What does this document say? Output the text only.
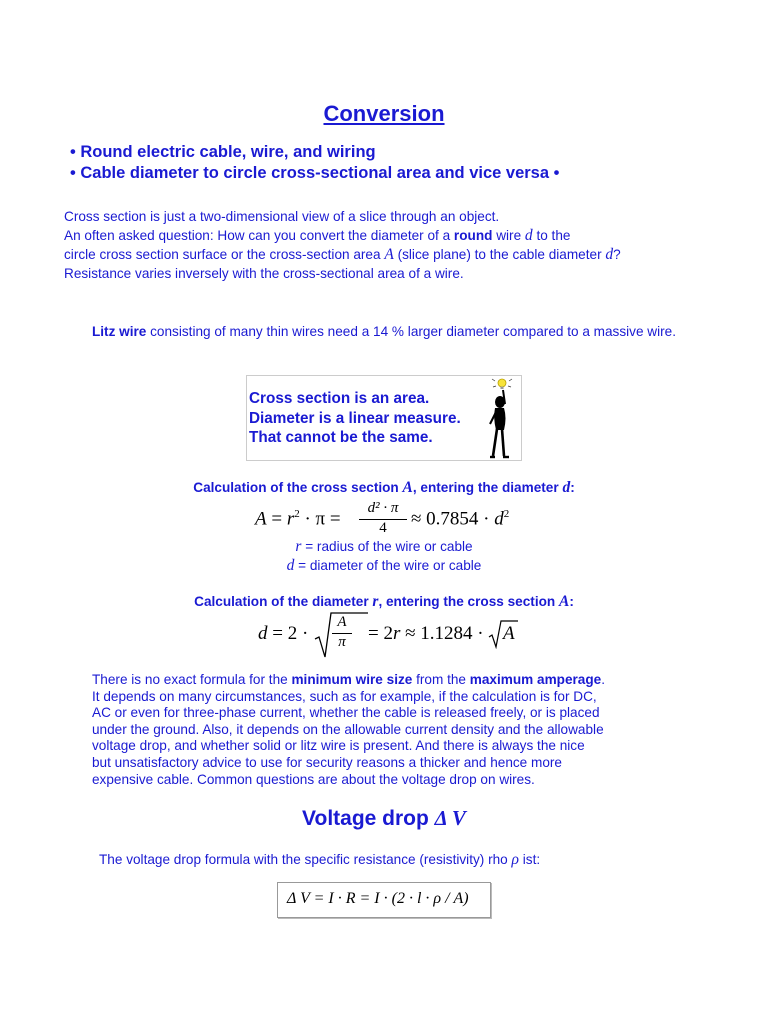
Conversion
• Round electric cable, wire, and wiring
• Cable diameter to circle cross-sectional area and vice versa •
Cross section is just a two-dimensional view of a slice through an object.
An often asked question: How can you convert the diameter of a round wire d to the
circle cross section surface or the cross-section area A (slice plane) to the cable diameter d?
Resistance varies inversely with the cross-sectional area of a wire.
Litz wire consisting of many thin wires need a 14 % larger diameter compared to a massive wire.
Cross section is an area.
Diameter is a linear measure.
That cannot be the same.
Calculation of the cross section A, entering the diameter d:
$A = r^2 \cdot \pi$ =
d² · π
4	≈ $0.7854 \cdot d^2$
r = radius of the wire or cable
d = diameter of the wire or cable
Calculation of the diameter r, entering the cross section A:
d = 2 ·
A
π	= 2r ≈ 1.1284 · A
There is no exact formula for the minimum wire size from the maximum amperage.
It depends on many circumstances, such as for example, if the calculation is for DC,
AC or even for three-phase current, whether the cable is released freely, or is placed
under the ground. Also, it depends on the allowable current density and the allowable
voltage drop, and whether solid or litz wire is present. And there is always the nice
but unsatisfactory advice to use for security reasons a thicker and hence more
expensive cable. Common questions are about the voltage drop on wires.
Voltage drop Δ V
The voltage drop formula with the specific resistance (resistivity) rho ρ ist:
Δ V = I · R = I · (2 · l · ρ / A)
